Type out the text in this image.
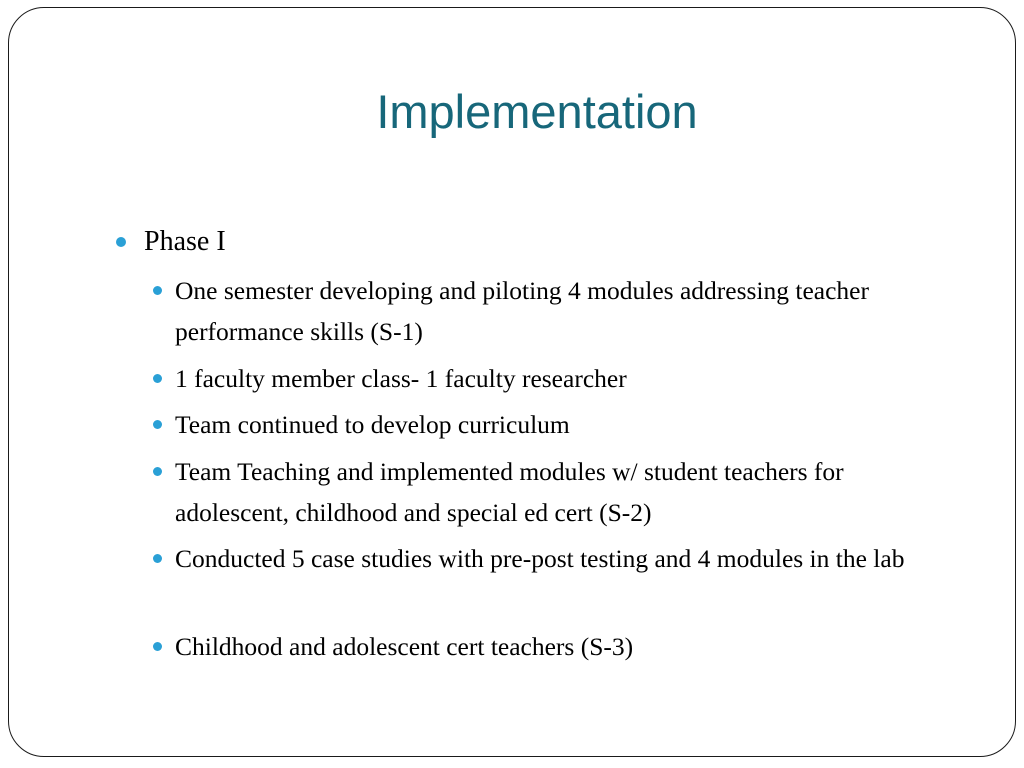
Implementation
Phase I
One semester developing and piloting 4 modules addressing teacher performance skills (S-1)
1 faculty member class- 1 faculty researcher
Team continued to develop curriculum
Team Teaching and implemented modules w/ student teachers for adolescent, childhood and special ed cert (S-2)
Conducted 5 case studies with pre-post testing and 4 modules in the lab
Childhood and adolescent cert teachers (S-3)
